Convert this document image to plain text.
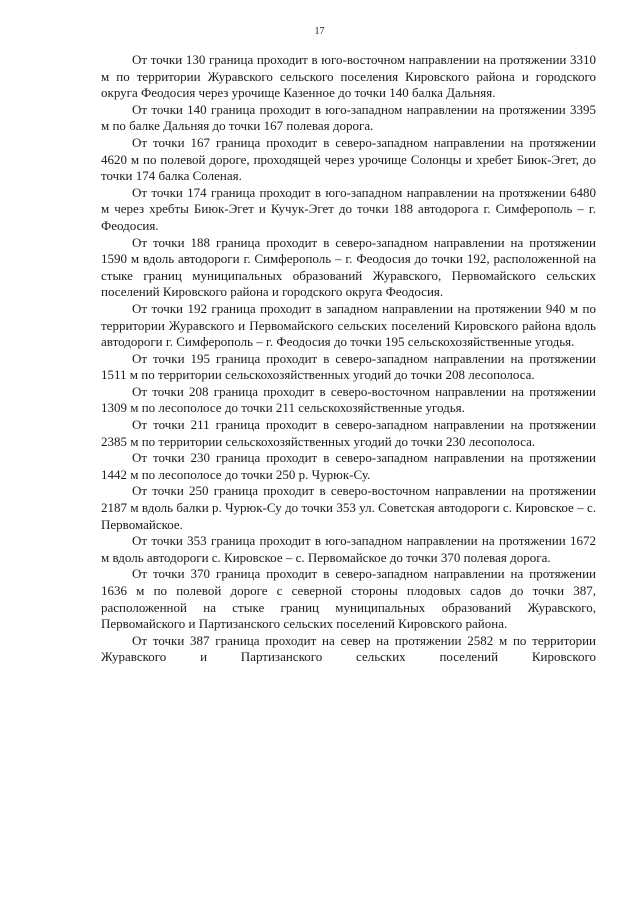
17

От точки 130 граница проходит в юго-восточном направлении на протяжении 3310 м по территории Журавского сельского поселения Кировского района и городского округа Феодосия через урочище Казенное до точки 140 балка Дальняя.

От точки 140 граница проходит в юго-западном направлении на протяжении 3395 м по балке Дальняя до точки 167 полевая дорога.

От точки 167 граница проходит в северо-западном направлении на протяжении 4620 м по полевой дороге, проходящей через урочище Солонцы и хребет Биюк-Эгет, до точки 174 балка Соленая.

От точки 174 граница проходит в юго-западном направлении на протяжении 6480 м через хребты Биюк-Эгет и Кучук-Эгет до точки 188 автодорога г. Симферополь – г. Феодосия.

От точки 188 граница проходит в северо-западном направлении на протяжении 1590 м вдоль автодороги г. Симферополь – г. Феодосия до точки 192, расположенной на стыке границ муниципальных образований Журавского, Первомайского сельских поселений Кировского района и городского округа Феодосия.

От точки 192 граница проходит в западном направлении на протяжении 940 м по территории Журавского и Первомайского сельских поселений Кировского района вдоль автодороги г. Симферополь – г. Феодосия до точки 195 сельскохозяйственные угодья.

От точки 195 граница проходит в северо-западном направлении на протяжении 1511 м по территории сельскохозяйственных угодий до точки 208 лесополоса.

От точки 208 граница проходит в северо-восточном направлении на протяжении 1309 м по лесополосе до точки 211 сельскохозяйственные угодья.

От точки 211 граница проходит в северо-западном направлении на протяжении 2385 м по территории сельскохозяйственных угодий до точки 230 лесополоса.

От точки 230 граница проходит в северо-западном направлении на протяжении 1442 м по лесополосе до точки 250 р. Чурюк-Су.

От точки 250 граница проходит в северо-восточном направлении на протяжении 2187 м вдоль балки р. Чурюк-Су до точки 353 ул. Советская автодороги с. Кировское – с. Первомайское.

От точки 353 граница проходит в юго-западном направлении на протяжении 1672 м вдоль автодороги с. Кировское – с. Первомайское до точки 370 полевая дорога.

От точки 370 граница проходит в северо-западном направлении на протяжении 1636 м по полевой дороге с северной стороны плодовых садов до точки 387, расположенной на стыке границ муниципальных образований Журавского, Первомайского и Партизанского сельских поселений Кировского района.

От точки 387 граница проходит на север на протяжении 2582 м по территории Журавского и Партизанского сельских поселений Кировского
